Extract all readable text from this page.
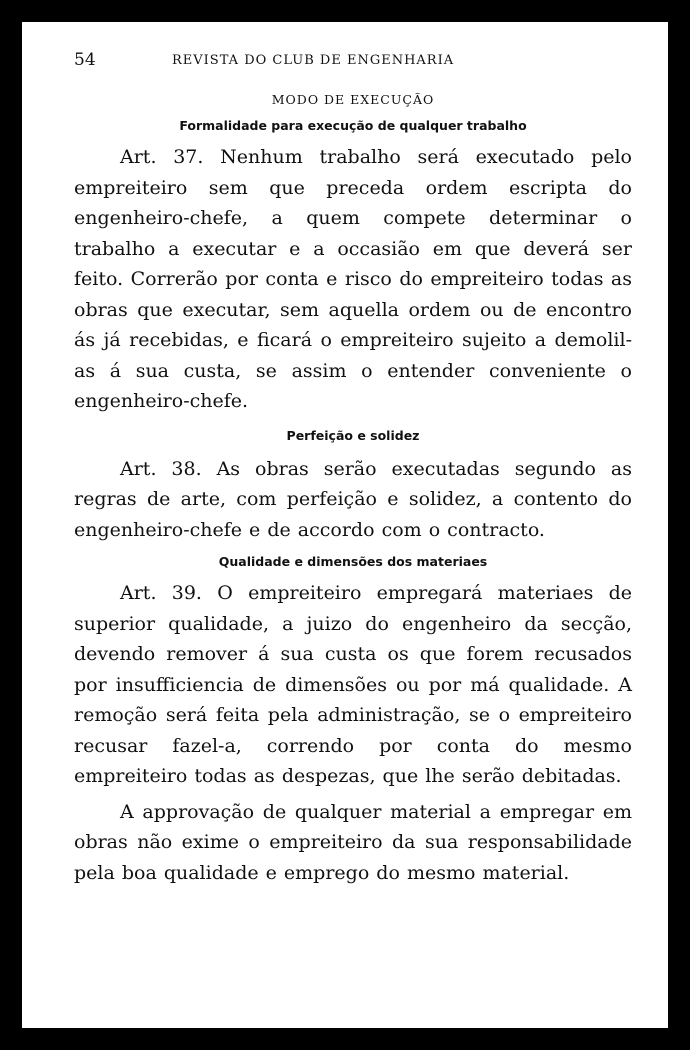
54	REVISTA DO CLUB DE ENGENHARIA
MODO DE EXECUÇÃO
Formalidade para execução de qualquer trabalho

Art. 37. Nenhum trabalho será executado pelo empreiteiro sem que preceda ordem escripta do engenheiro-chefe, a quem compete determinar o trabalho a executar e a occasião em que deverá ser feito. Correrão por conta e risco do empreiteiro todas as obras que executar, sem aquella ordem ou de encontro ás já recebidas, e ficará o empreiteiro sujeito a demolil-as á sua custa, se assim o entender conveniente o engenheiro-chefe.

Perfeição e solidez

Art. 38. As obras serão executadas segundo as regras de arte, com perfeição e solidez, a contento do engenheiro-chefe e de accordo com o contracto.

Qualidade e dimensões dos materiaes

Art. 39. O empreiteiro empregará materiaes de superior qualidade, a juizo do engenheiro da secção, devendo remover á sua custa os que forem recusados por insufficiencia de dimensões ou por má qualidade. A remoção será feita pela administração, se o empreiteiro recusar fazel-a, correndo por conta do mesmo empreiteiro todas as despezas, que lhe serão debitadas.

A approvação de qualquer material a empregar em obras não exime o empreiteiro da sua responsabilidade pela boa qualidade e emprego do mesmo material.
